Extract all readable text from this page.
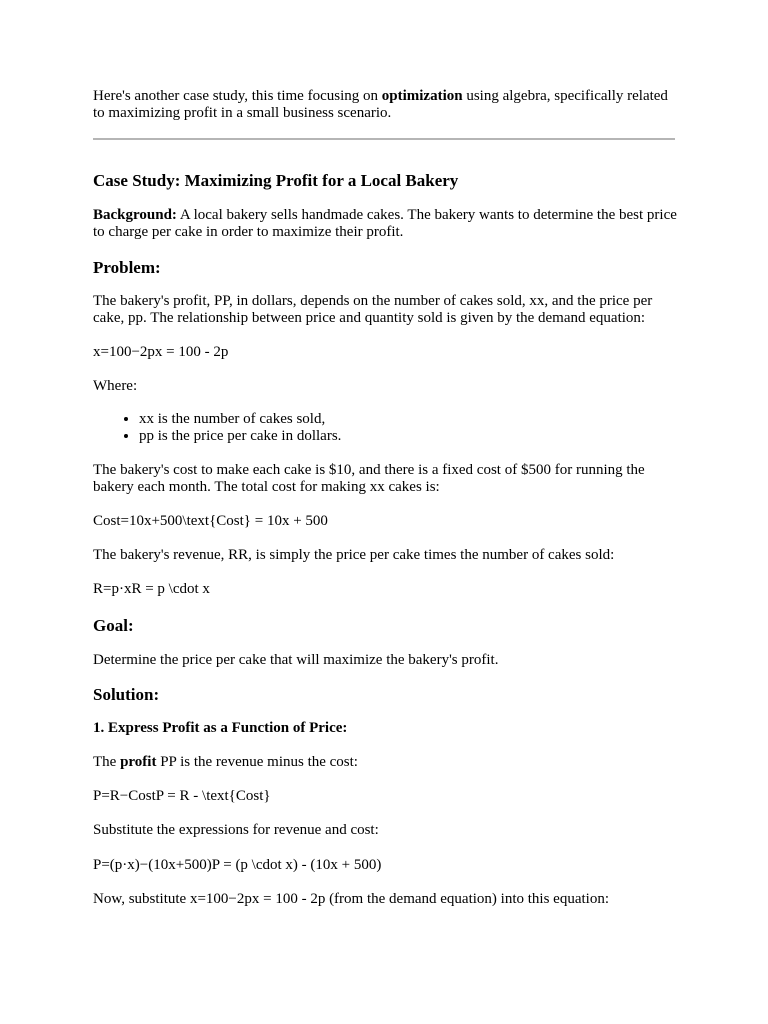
Here's another case study, this time focusing on optimization using algebra, specifically related to maximizing profit in a small business scenario.

Case Study: Maximizing Profit for a Local Bakery

Background: A local bakery sells handmade cakes. The bakery wants to determine the best price to charge per cake in order to maximize their profit.

Problem:

The bakery's profit, PP, in dollars, depends on the number of cakes sold, xx, and the price per cake, pp. The relationship between price and quantity sold is given by the demand equation:

x=100−2px = 100 - 2p

Where:

• xx is the number of cakes sold,
• pp is the price per cake in dollars.

The bakery's cost to make each cake is $10, and there is a fixed cost of $500 for running the bakery each month. The total cost for making xx cakes is:

Cost=10x+500\text{Cost} = 10x + 500

The bakery's revenue, RR, is simply the price per cake times the number of cakes sold:

R=p·xR = p \cdot x

Goal:

Determine the price per cake that will maximize the bakery's profit.

Solution:

1. Express Profit as a Function of Price:

The profit PP is the revenue minus the cost:

P=R−CostP = R - \text{Cost}

Substitute the expressions for revenue and cost:

P=(p·x)−(10x+500)P = (p \cdot x) - (10x + 500)

Now, substitute x=100−2px = 100 - 2p (from the demand equation) into this equation:
